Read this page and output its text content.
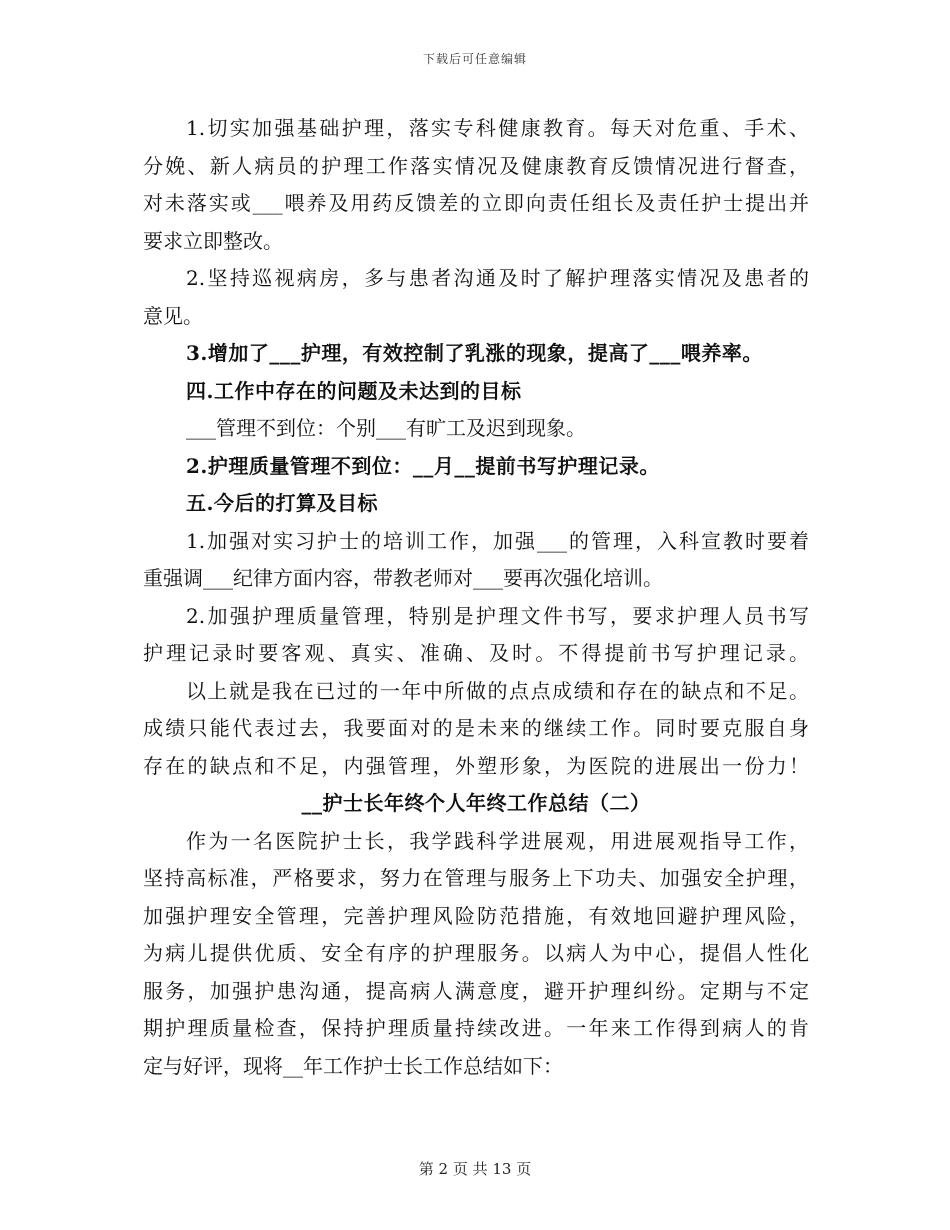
下载后可任意编辑
1.切实加强基础护理，落实专科健康教育。每天对危重、手术、
分娩、新人病员的护理工作落实情况及健康教育反馈情况进行督查，
对未落实或___喂养及用药反馈差的立即向责任组长及责任护士提出并
要求立即整改。
2.坚持巡视病房，多与患者沟通及时了解护理落实情况及患者的
意见。
3.增加了___护理，有效控制了乳涨的现象，提高了___喂养率。
四.工作中存在的问题及未达到的目标
___管理不到位：个别___有旷工及迟到现象。
2.护理质量管理不到位：__月__提前书写护理记录。
五.今后的打算及目标
1.加强对实习护士的培训工作，加强___的管理，入科宣教时要着
重强调___纪律方面内容，带教老师对___要再次强化培训。
2.加强护理质量管理，特别是护理文件书写，要求护理人员书写
护理记录时要客观、真实、准确、及时。不得提前书写护理记录。
以上就是我在已过的一年中所做的点点成绩和存在的缺点和不足。
成绩只能代表过去，我要面对的是未来的继续工作。同时要克服自身
存在的缺点和不足，内强管理，外塑形象，为医院的进展出一份力！
__护士长年终个人年终工作总结（二）
作为一名医院护士长，我学践科学进展观，用进展观指导工作，
坚持高标准，严格要求，努力在管理与服务上下功夫、加强安全护理，
加强护理安全管理，完善护理风险防范措施，有效地回避护理风险，
为病儿提供优质、安全有序的护理服务。以病人为中心，提倡人性化
服务，加强护患沟通，提高病人满意度，避开护理纠纷。定期与不定
期护理质量检查，保持护理质量持续改进。一年来工作得到病人的肯
定与好评，现将__年工作护士长工作总结如下：
第 2 页 共 13 页
